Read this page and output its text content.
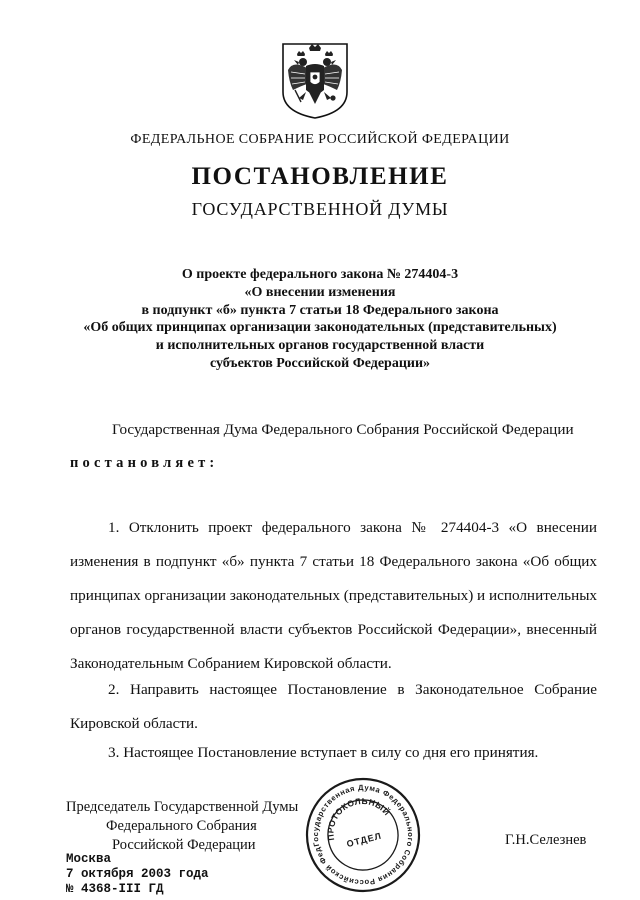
ФЕДЕРАЛЬНОЕ СОБРАНИЕ РОССИЙСКОЙ ФЕДЕРАЦИИ
ПОСТАНОВЛЕНИЕ
ГОСУДАРСТВЕННОЙ ДУМЫ
О проекте федерального закона № 274404-3
«О внесении изменения
в подпункт «б» пункта 7 статьи 18 Федерального закона
«Об общих принципах организации законодательных (представительных)
и исполнительных органов государственной власти
субъектов Российской Федерации»
Государственная Дума Федерального Собрания Российской Федерации
постановляет:
1. Отклонить проект федерального закона № 274404-3 «О внесении изменения в подпункт «б» пункта 7 статьи 18 Федерального закона «Об общих принципах организации законодательных (представительных) и исполнительных органов государственной власти субъектов Российской Федерации», внесенный Законодательным Собранием Кировской области.
2. Направить настоящее Постановление в Законодательное Собрание Кировской области.
3. Настоящее Постановление вступает в силу со дня его принятия.
Председатель Государственной Думы
Федерального Собрания
Российской Федерации	Государственная Дума Федерального Собрания Российской Федерации
ПРОТОКОЛЬНЫЙ
ОТДЕЛ	Г.Н.Селезнев
Москва
7 октября 2003 года
№ 4368-III ГД
